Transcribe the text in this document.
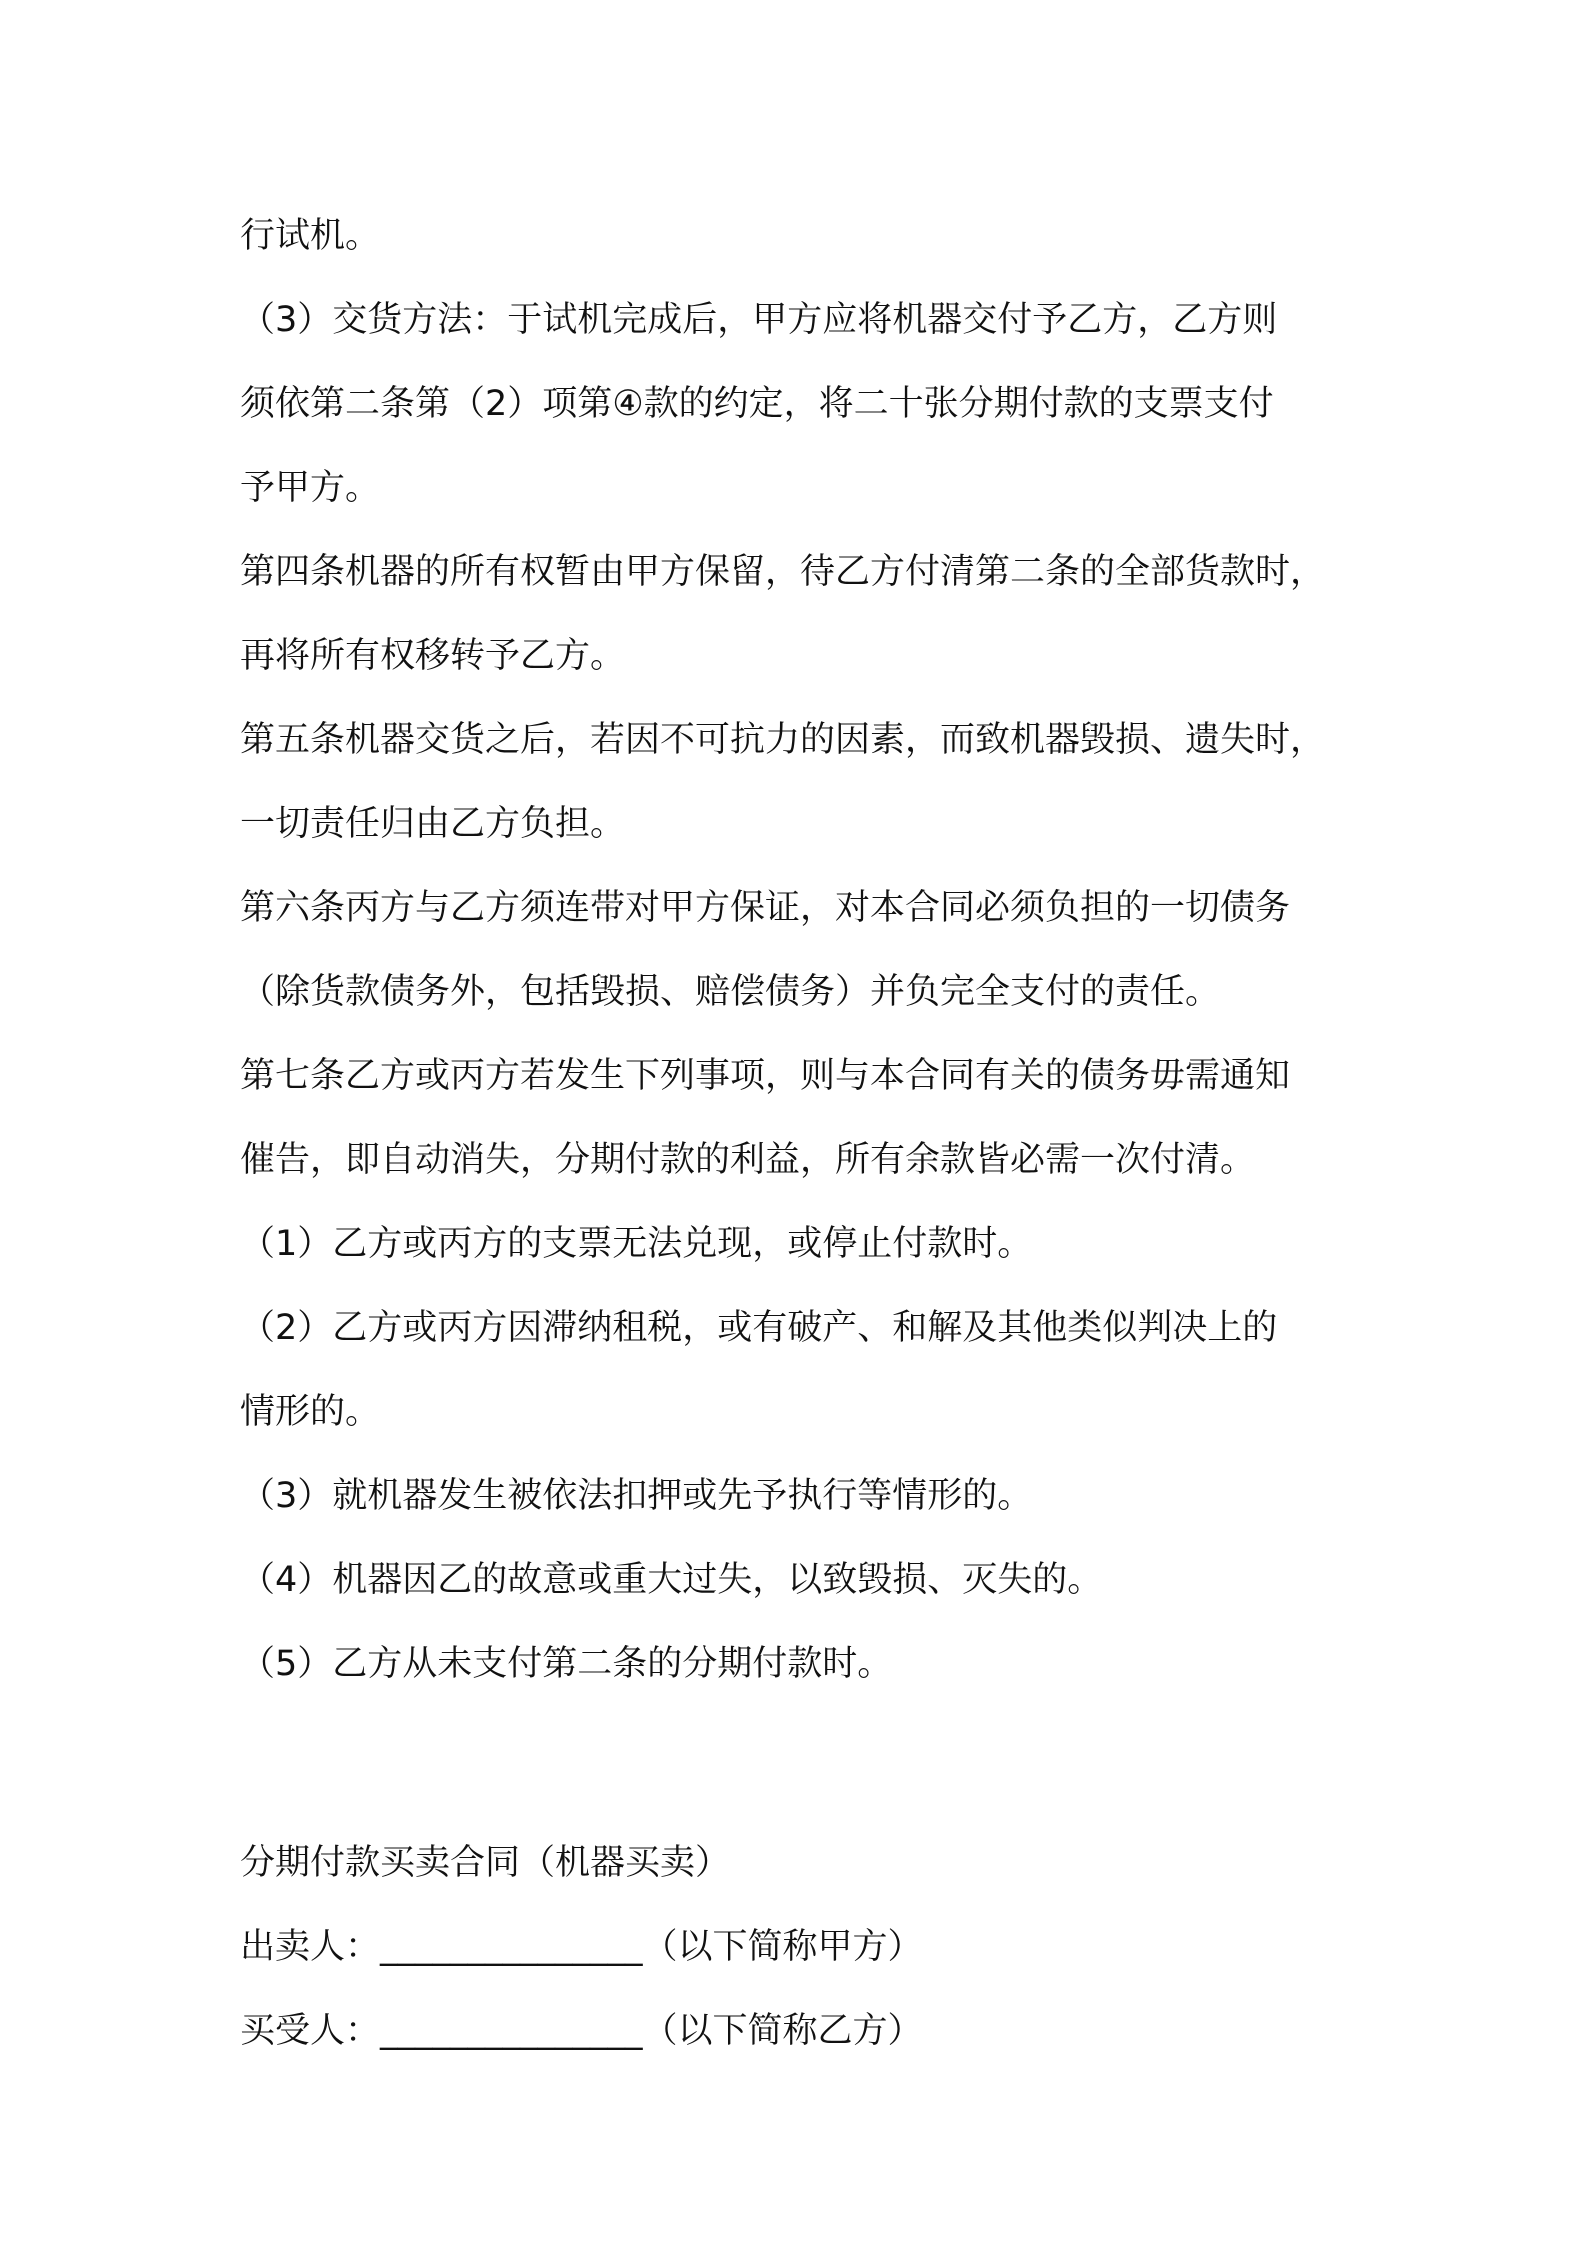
行试机。
（3）交货方法：于试机完成后，甲方应将机器交付予乙方，乙方则
须依第二条第（2）项第④款的约定，将二十张分期付款的支票支付
予甲方。
第四条机器的所有权暂由甲方保留，待乙方付清第二条的全部货款时，
再将所有权移转予乙方。
第五条机器交货之后，若因不可抗力的因素，而致机器毁损、遗失时，
一切责任归由乙方负担。
第六条丙方与乙方须连带对甲方保证，对本合同必须负担的一切债务
（除货款债务外，包括毁损、赔偿债务）并负完全支付的责任。
第七条乙方或丙方若发生下列事项，则与本合同有关的债务毋需通知
催告，即自动消失，分期付款的利益，所有余款皆必需一次付清。
（1）乙方或丙方的支票无法兑现，或停止付款时。
（2）乙方或丙方因滞纳租税，或有破产、和解及其他类似判决上的
情形的。
（3）就机器发生被依法扣押或先予执行等情形的。
（4）机器因乙的故意或重大过失，以致毁损、灭失的。
（5）乙方从未支付第二条的分期付款时。
分期付款买卖合同（机器买卖）
出卖人：_______________（以下简称甲方）
买受人：_______________（以下简称乙方）
